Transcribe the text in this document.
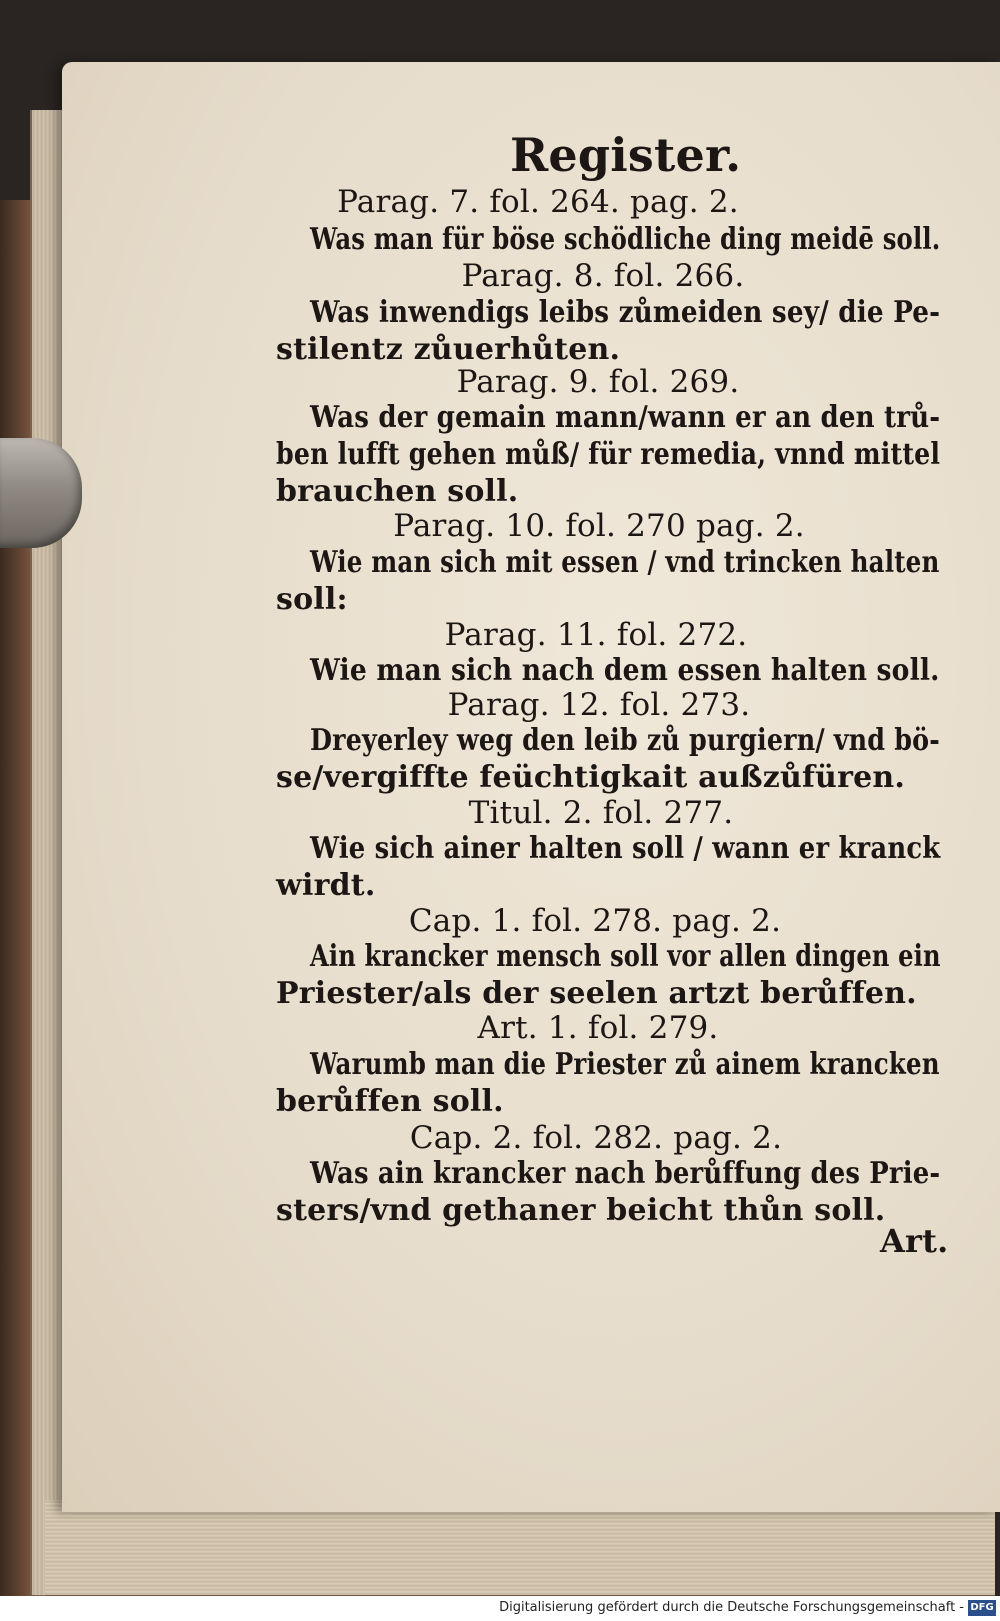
Register.
Parag. 7. fol. 264. pag. 2.
Was man für böse schödliche ding meidē soll.
Parag. 8. fol. 266.
Was inwendigs leibs zůmeiden sey/ die Pe-
stilentz zůuerhůten.
Parag. 9. fol. 269.
Was der gemain mann/wann er an den trů-
ben lufft gehen můß/ für remedia, vnnd mittel
brauchen soll.
Parag. 10. fol. 270 pag. 2.
Wie man sich mit essen / vnd trincken halten
soll:
Parag. 11. fol. 272.
Wie man sich nach dem essen halten soll.
Parag. 12. fol. 273.
Dreyerley weg den leib zů purgiern/ vnd bö-
se/vergiffte feüchtigkait außzůfüren.
Titul. 2. fol. 277.
Wie sich ainer halten soll / wann er kranck
wirdt.
Cap. 1. fol. 278. pag. 2.
Ain krancker mensch soll vor allen dingen ein
Priester/als der seelen artzt berůffen.
Art. 1. fol. 279.
Warumb man die Priester zů ainem krancken
berůffen soll.
Cap. 2. fol. 282. pag. 2.
Was ain krancker nach berůffung des Prie-
sters/vnd gethaner beicht thůn soll.
Art.
Digitalisierung gefördert durch die Deutsche Forschungsgemeinschaft - DFG
